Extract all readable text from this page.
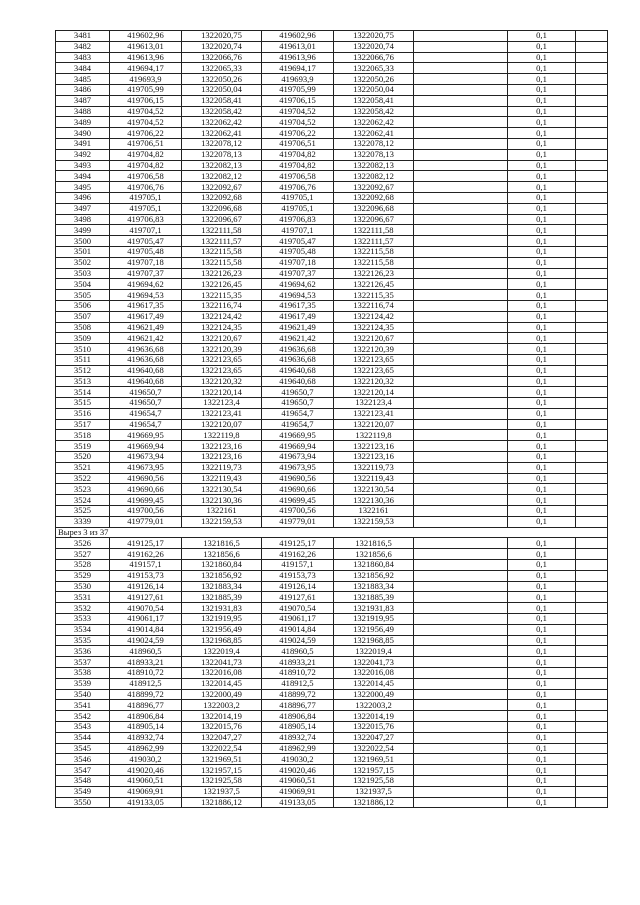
3481	419602,96	1322020,75	419602,96	1322020,75		0,1	
3482	419613,01	1322020,74	419613,01	1322020,74		0,1	
3483	419613,96	1322066,76	419613,96	1322066,76		0,1	
3484	419694,17	1322065,33	419694,17	1322065,33		0,1	
3485	419693,9	1322050,26	419693,9	1322050,26		0,1	
3486	419705,99	1322050,04	419705,99	1322050,04		0,1	
3487	419706,15	1322058,41	419706,15	1322058,41		0,1	
3488	419704,52	1322058,42	419704,52	1322058,42		0,1	
3489	419704,52	1322062,42	419704,52	1322062,42		0,1	
3490	419706,22	1322062,41	419706,22	1322062,41		0,1	
3491	419706,51	1322078,12	419706,51	1322078,12		0,1	
3492	419704,82	1322078,13	419704,82	1322078,13		0,1	
3493	419704,82	1322082,13	419704,82	1322082,13		0,1	
3494	419706,58	1322082,12	419706,58	1322082,12		0,1	
3495	419706,76	1322092,67	419706,76	1322092,67		0,1	
3496	419705,1	1322092,68	419705,1	1322092,68		0,1	
3497	419705,1	1322096,68	419705,1	1322096,68		0,1	
3498	419706,83	1322096,67	419706,83	1322096,67		0,1	
3499	419707,1	1322111,58	419707,1	1322111,58		0,1	
3500	419705,47	1322111,57	419705,47	1322111,57		0,1	
3501	419705,48	1322115,58	419705,48	1322115,58		0,1	
3502	419707,18	1322115,58	419707,18	1322115,58		0,1	
3503	419707,37	1322126,23	419707,37	1322126,23		0,1	
3504	419694,62	1322126,45	419694,62	1322126,45		0,1	
3505	419694,53	1322115,35	419694,53	1322115,35		0,1	
3506	419617,35	1322116,74	419617,35	1322116,74		0,1	
3507	419617,49	1322124,42	419617,49	1322124,42		0,1	
3508	419621,49	1322124,35	419621,49	1322124,35		0,1	
3509	419621,42	1322120,67	419621,42	1322120,67		0,1	
3510	419636,68	1322120,39	419636,68	1322120,39		0,1	
3511	419636,68	1322123,65	419636,68	1322123,65		0,1	
3512	419640,68	1322123,65	419640,68	1322123,65		0,1	
3513	419640,68	1322120,32	419640,68	1322120,32		0,1	
3514	419650,7	1322120,14	419650,7	1322120,14		0,1	
3515	419650,7	1322123,4	419650,7	1322123,4		0,1	
3516	419654,7	1322123,41	419654,7	1322123,41		0,1	
3517	419654,7	1322120,07	419654,7	1322120,07		0,1	
3518	419669,95	1322119,8	419669,95	1322119,8		0,1	
3519	419669,94	1322123,16	419669,94	1322123,16		0,1	
3520	419673,94	1322123,16	419673,94	1322123,16		0,1	
3521	419673,95	1322119,73	419673,95	1322119,73		0,1	
3522	419690,56	1322119,43	419690,56	1322119,43		0,1	
3523	419690,66	1322130,54	419690,66	1322130,54		0,1	
3524	419699,45	1322130,36	419699,45	1322130,36		0,1	
3525	419700,56	1322161	419700,56	1322161		0,1	
3339	419779,01	1322159,53	419779,01	1322159,53		0,1	
Вырез 3 из 37							
3526	419125,17	1321816,5	419125,17	1321816,5		0,1	
3527	419162,26	1321856,6	419162,26	1321856,6		0,1	
3528	419157,1	1321860,84	419157,1	1321860,84		0,1	
3529	419153,73	1321856,92	419153,73	1321856,92		0,1	
3530	419126,14	1321883,34	419126,14	1321883,34		0,1	
3531	419127,61	1321885,39	419127,61	1321885,39		0,1	
3532	419070,54	1321931,83	419070,54	1321931,83		0,1	
3533	419061,17	1321919,95	419061,17	1321919,95		0,1	
3534	419014,84	1321956,49	419014,84	1321956,49		0,1	
3535	419024,59	1321968,85	419024,59	1321968,85		0,1	
3536	418960,5	1322019,4	418960,5	1322019,4		0,1	
3537	418933,21	1322041,73	418933,21	1322041,73		0,1	
3538	418910,72	1322016,08	418910,72	1322016,08		0,1	
3539	418912,5	1322014,45	418912,5	1322014,45		0,1	
3540	418899,72	1322000,49	418899,72	1322000,49		0,1	
3541	418896,77	1322003,2	418896,77	1322003,2		0,1	
3542	418906,84	1322014,19	418906,84	1322014,19		0,1	
3543	418905,14	1322015,76	418905,14	1322015,76		0,1	
3544	418932,74	1322047,27	418932,74	1322047,27		0,1	
3545	418962,99	1322022,54	418962,99	1322022,54		0,1	
3546	419030,2	1321969,51	419030,2	1321969,51		0,1	
3547	419020,46	1321957,15	419020,46	1321957,15		0,1	
3548	419060,51	1321925,58	419060,51	1321925,58		0,1	
3549	419069,91	1321937,5	419069,91	1321937,5		0,1	
3550	419133,05	1321886,12	419133,05	1321886,12		0,1	
